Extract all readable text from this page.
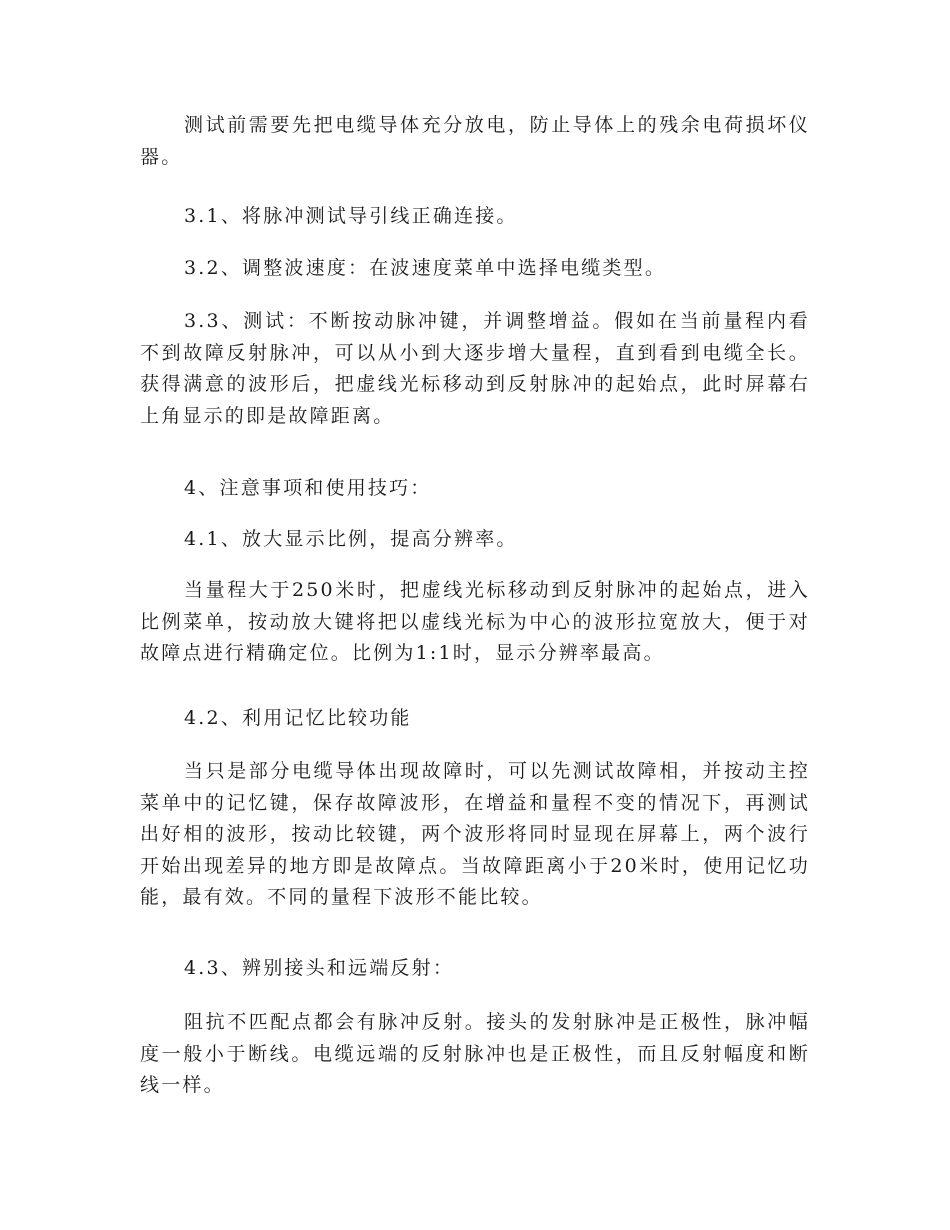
测试前需要先把电缆导体充分放电，防止导体上的残余电荷损坏仪器。

3.1、将脉冲测试导引线正确连接。

3.2、调整波速度：在波速度菜单中选择电缆类型。

3.3、测试：不断按动脉冲键，并调整增益。假如在当前量程内看不到故障反射脉冲，可以从小到大逐步增大量程，直到看到电缆全长。获得满意的波形后，把虚线光标移动到反射脉冲的起始点，此时屏幕右上角显示的即是故障距离。

4、注意事项和使用技巧：

4.1、放大显示比例，提高分辨率。

当量程大于250米时，把虚线光标移动到反射脉冲的起始点，进入比例菜单，按动放大键将把以虚线光标为中心的波形拉宽放大，便于对故障点进行精确定位。比例为1:1时，显示分辨率最高。

4.2、利用记忆比较功能

当只是部分电缆导体出现故障时，可以先测试故障相，并按动主控菜单中的记忆键，保存故障波形，在增益和量程不变的情况下，再测试出好相的波形，按动比较键，两个波形将同时显现在屏幕上，两个波行开始出现差异的地方即是故障点。当故障距离小于20米时，使用记忆功能，最有效。不同的量程下波形不能比较。

4.3、辨别接头和远端反射：

阻抗不匹配点都会有脉冲反射。接头的发射脉冲是正极性，脉冲幅度一般小于断线。电缆远端的反射脉冲也是正极性，而且反射幅度和断线一样。
